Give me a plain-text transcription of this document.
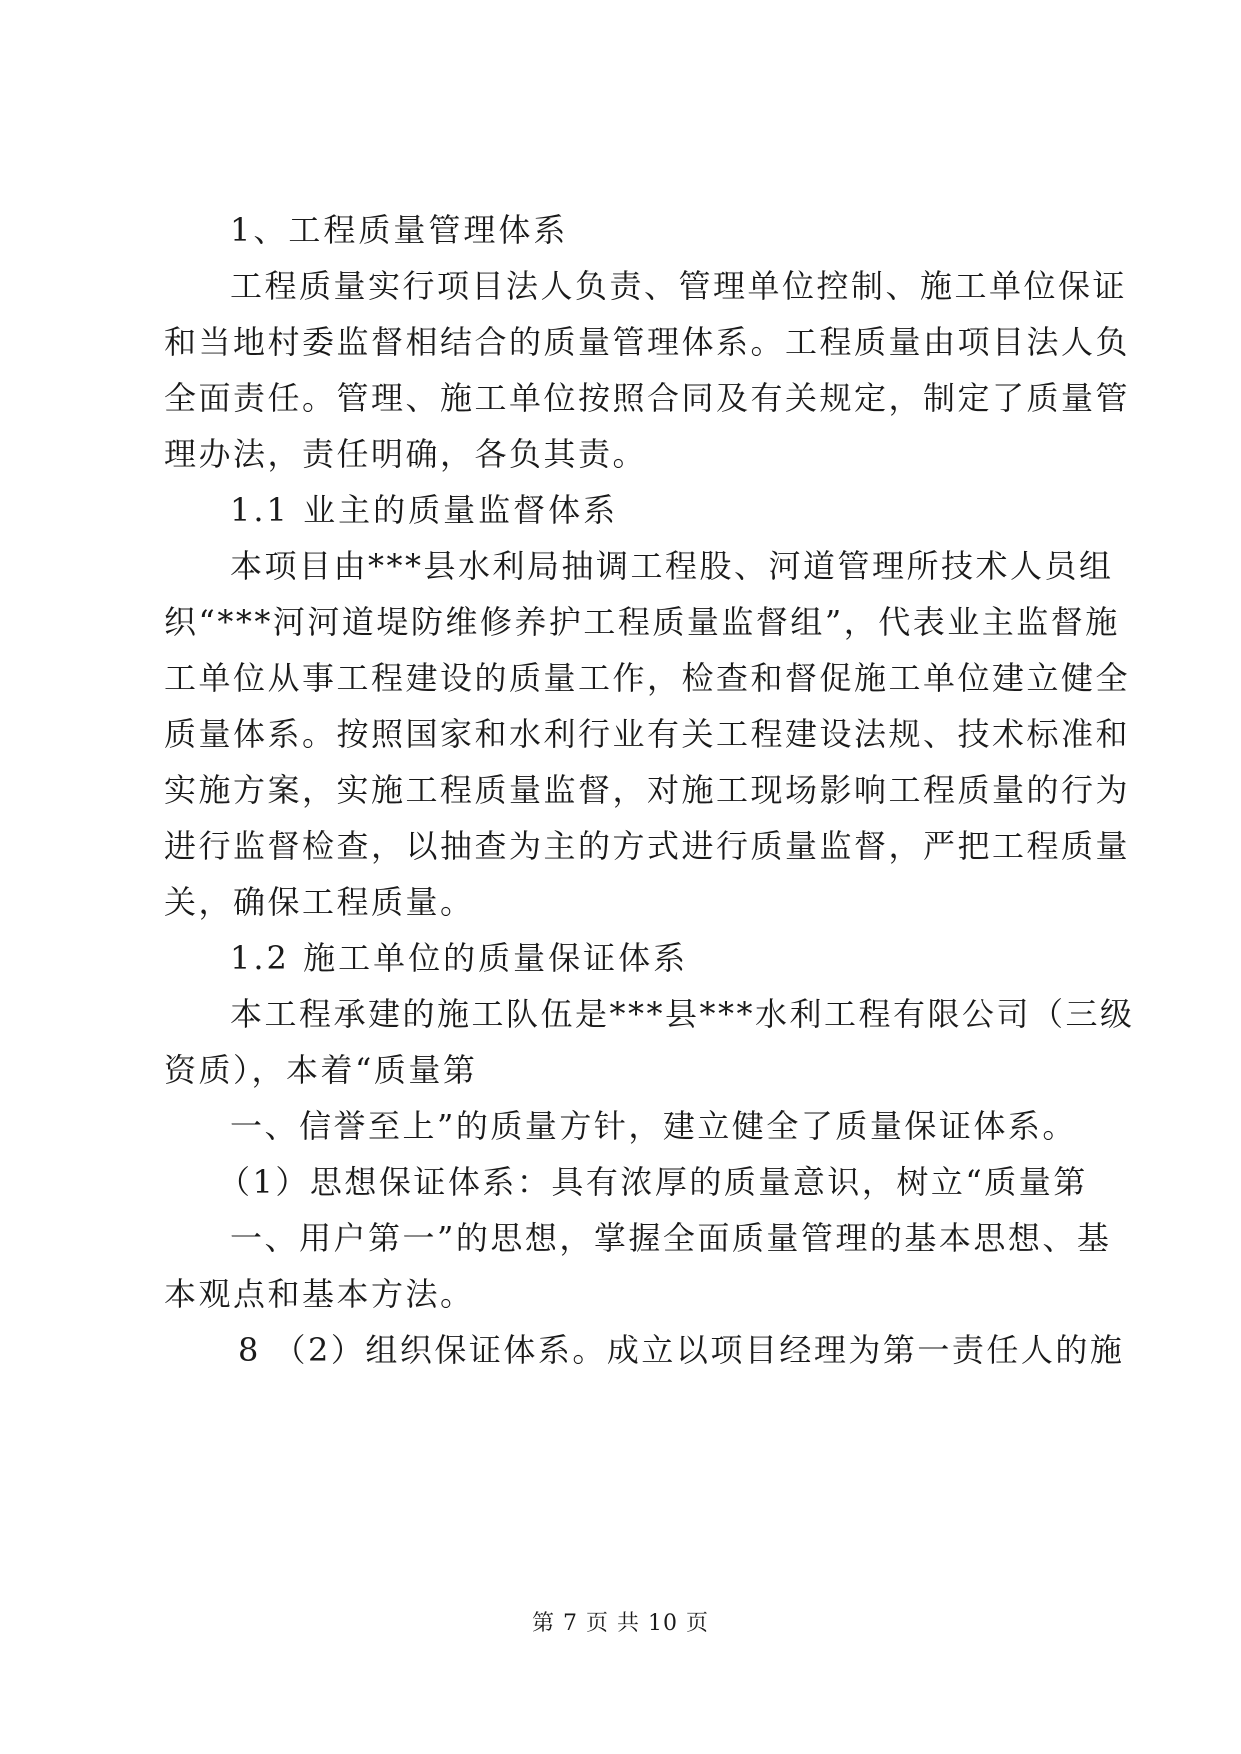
1、工程质量管理体系
工程质量实行项目法人负责、管理单位控制、施工单位保证
和当地村委监督相结合的质量管理体系。工程质量由项目法人负
全面责任。管理、施工单位按照合同及有关规定，制定了质量管
理办法，责任明确，各负其责。
1.1 业主的质量监督体系
本项目由***县水利局抽调工程股、河道管理所技术人员组
织“***河河道堤防维修养护工程质量监督组”，代表业主监督施
工单位从事工程建设的质量工作，检查和督促施工单位建立健全
质量体系。按照国家和水利行业有关工程建设法规、技术标准和
实施方案，实施工程质量监督，对施工现场影响工程质量的行为
进行监督检查，以抽查为主的方式进行质量监督，严把工程质量
关，确保工程质量。
1.2 施工单位的质量保证体系
本工程承建的施工队伍是***县***水利工程有限公司（三级
资质），本着“质量第
一、信誉至上”的质量方针，建立健全了质量保证体系。
（1）思想保证体系：具有浓厚的质量意识，树立“质量第
一、用户第一”的思想，掌握全面质量管理的基本思想、基
本观点和基本方法。
8 （2）组织保证体系。成立以项目经理为第一责任人的施
第 7 页 共 10 页
